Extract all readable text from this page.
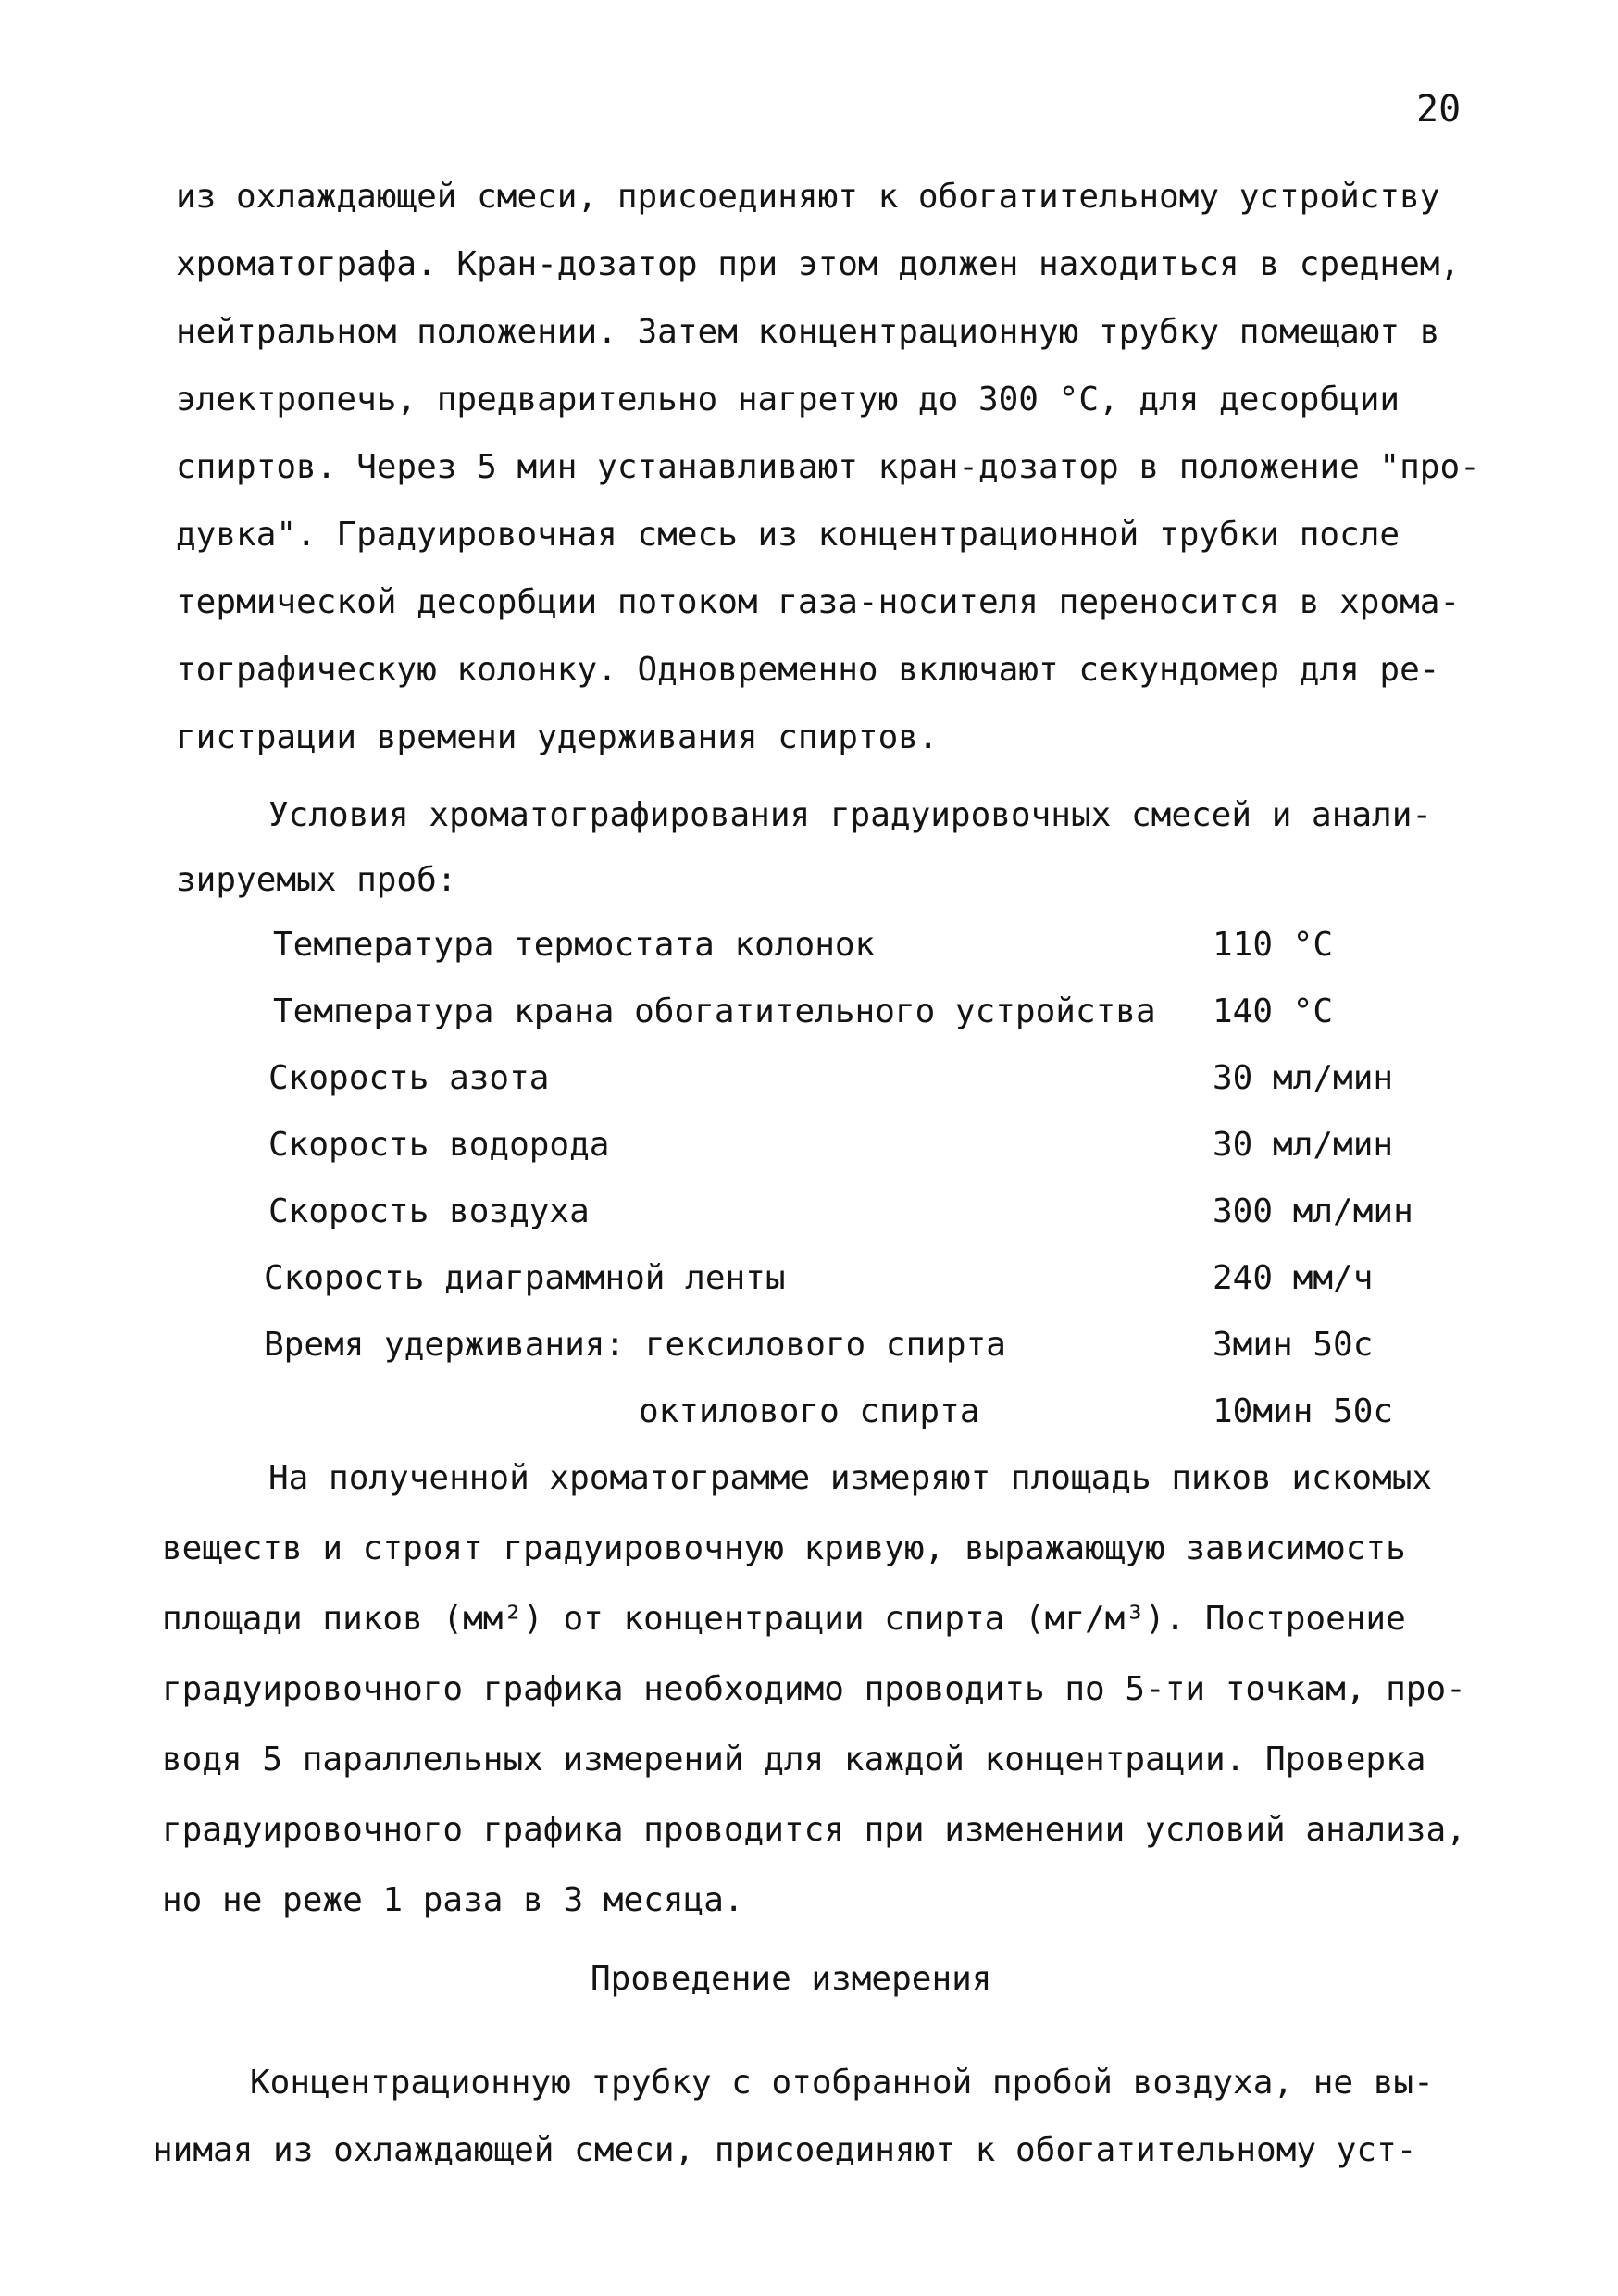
20

из охлаждающей смеси, присоединяют к обогатительному устройству

хроматографа. Кран-дозатор при этом должен находиться в среднем,

нейтральном положении. Затем концентрационную трубку помещают в

электропечь, предварительно нагретую до 300 °С, для десорбции

спиртов. Через 5 мин устанавливают кран-дозатор в положение "про-

дувка". Градуировочная смесь из концентрационной трубки после

термической десорбции потоком газа-носителя переносится в хрома-

тографическую колонку. Одновременно включают секундомер для ре-

гистрации времени удерживания спиртов.

Условия хроматографирования градуировочных смесей и анали-

зируемых проб:

Температура термостата колонок	110 °С
Температура крана обогатительного устройства 140 °С
Скорость азота	30 мл/мин
Скорость водорода	30 мл/мин
Скорость воздуха	300 мл/мин
Скорость диаграммной ленты	240 мм/ч
Время удерживания: гексилового спирта	3мин 50с
октилового спирта	10мин 50с

На полученной хроматограмме измеряют площадь пиков искомых

веществ и строят градуировочную кривую, выражающую зависимость

площади пиков (мм²) от концентрации спирта (мг/м³). Построение

градуировочного графика необходимо проводить по 5-ти точкам, про-

водя 5 параллельных измерений для каждой концентрации. Проверка

градуировочного графика проводится при изменении условий анализа,

но не реже 1 раза в 3 месяца.

Проведение измерения

Концентрационную трубку с отобранной пробой воздуха, не вы-

нимая из охлаждающей смеси, присоединяют к обогатительному уст-
